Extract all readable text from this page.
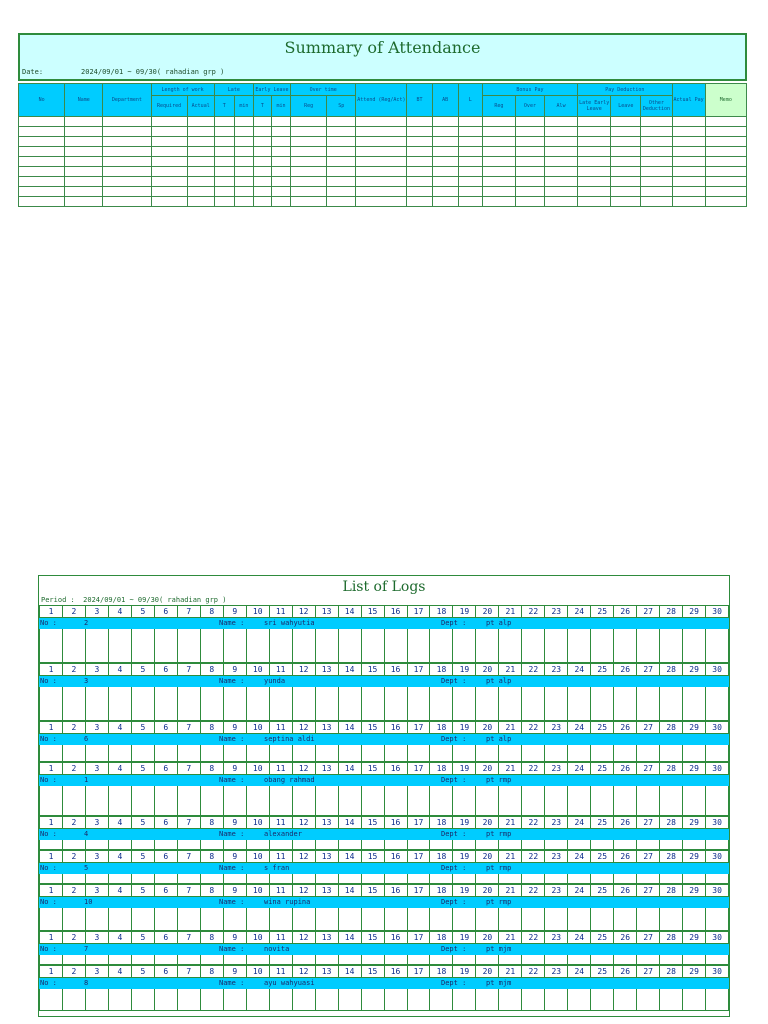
Summary of Attendance
Date:	2024/09/01 ~ 09/30( rahadian grp )
No	Name	Department	Length of work		Late		Early Leave		Over time		Attend (Reg/Act)	BT	AB	L	Bonus Pay			Pay Deduction			Actual Pay	Memo
			Required	Actual	T	min	T	min	Reg	Sp					Reg	Over	Alw	Late Early Leave	Leave	Other Deduction		

List of Logs
Period :  2024/09/01 ~ 09/30( rahadian grp )
1	2	3	4	5	6	7	8	9	10	11	12	13	14	15	16	17	18	19	20	21	22	23	24	25	26	27	28	29	30
No :	2	Name :	sri wahyutia	Dept :	pt alp
1	2	3	4	5	6	7	8	9	10	11	12	13	14	15	16	17	18	19	20	21	22	23	24	25	26	27	28	29	30
No :	3	Name :	yunda	Dept :	pt alp
1	2	3	4	5	6	7	8	9	10	11	12	13	14	15	16	17	18	19	20	21	22	23	24	25	26	27	28	29	30
No :	6	Name :	septina aldi	Dept :	pt alp
1	2	3	4	5	6	7	8	9	10	11	12	13	14	15	16	17	18	19	20	21	22	23	24	25	26	27	28	29	30
No :	1	Name :	obang rahmad	Dept :	pt rmp
1	2	3	4	5	6	7	8	9	10	11	12	13	14	15	16	17	18	19	20	21	22	23	24	25	26	27	28	29	30
No :	4	Name :	alexander	Dept :	pt rmp
1	2	3	4	5	6	7	8	9	10	11	12	13	14	15	16	17	18	19	20	21	22	23	24	25	26	27	28	29	30
No :	5	Name :	s fran	Dept :	pt rmp
1	2	3	4	5	6	7	8	9	10	11	12	13	14	15	16	17	18	19	20	21	22	23	24	25	26	27	28	29	30
No :	10	Name :	wina rupina	Dept :	pt rmp
1	2	3	4	5	6	7	8	9	10	11	12	13	14	15	16	17	18	19	20	21	22	23	24	25	26	27	28	29	30
No :	7	Name :	novita	Dept :	pt mjm
1	2	3	4	5	6	7	8	9	10	11	12	13	14	15	16	17	18	19	20	21	22	23	24	25	26	27	28	29	30
No :	8	Name :	ayu wahyuasi	Dept :	pt mjm
